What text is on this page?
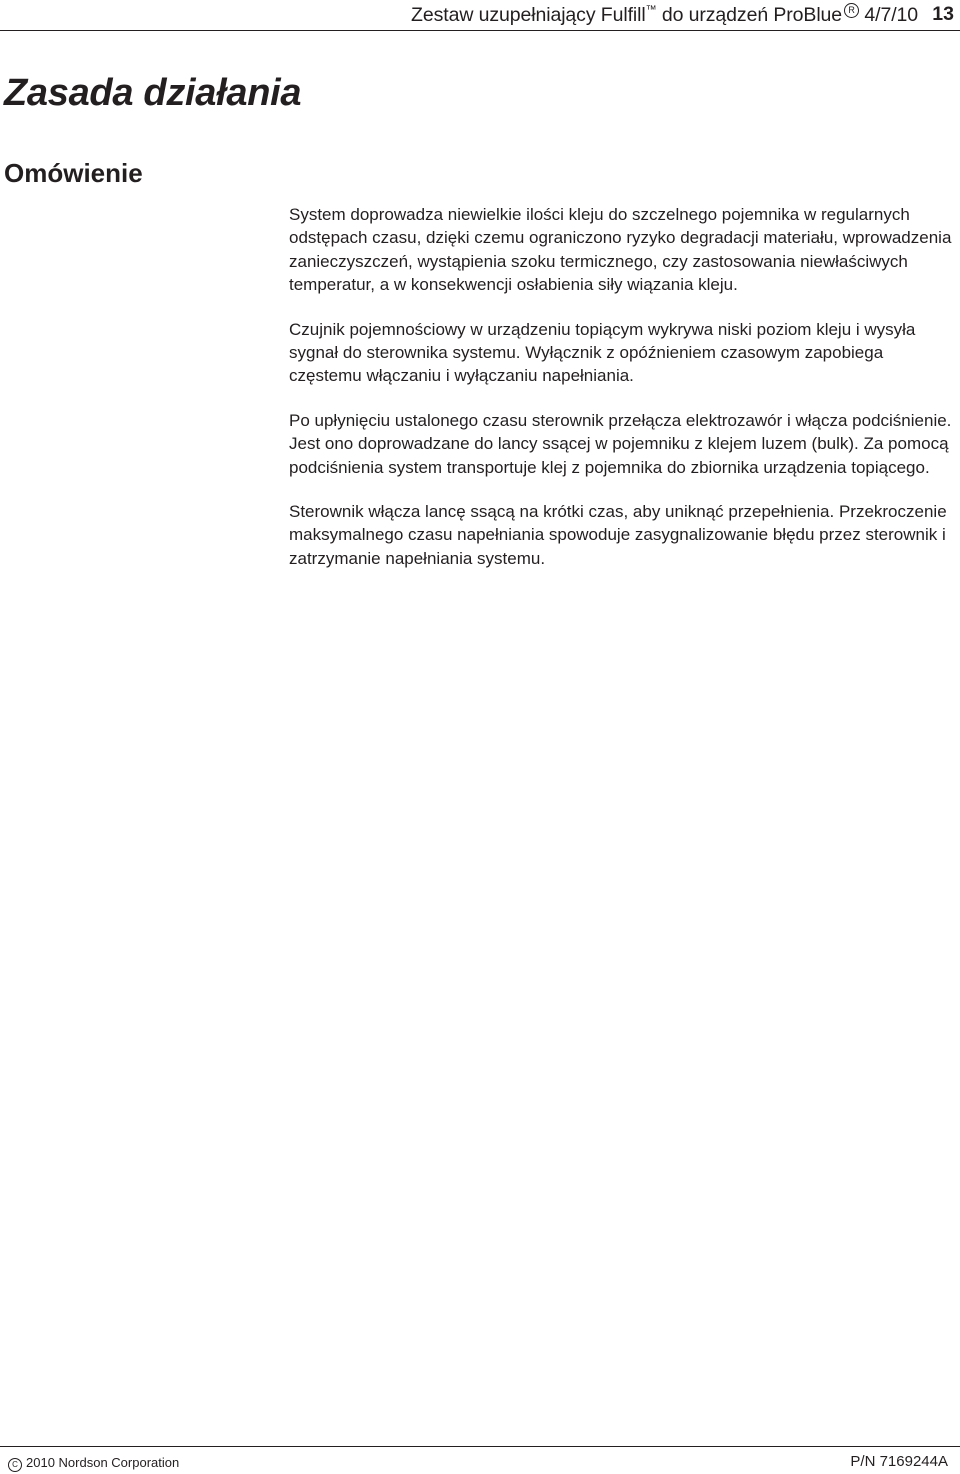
Zestaw uzupełniający Fulfill™ do urządzeń ProBlue R 4/7/10 13
Zasada działania
Omówienie

System doprowadza niewielkie ilości kleju do szczelnego pojemnika w regularnych odstępach czasu, dzięki czemu ograniczono ryzyko degradacji materiału, wprowadzenia zanieczyszczeń, wystąpienia szoku termicznego, czy zastosowania niewłaściwych temperatur, a w konsekwencji osłabienia siły wiązania kleju.

Czujnik pojemnościowy w urządzeniu topiącym wykrywa niski poziom kleju i wysyła sygnał do sterownika systemu. Wyłącznik z opóźnieniem czasowym zapobiega częstemu włączaniu i wyłączaniu napełniania.

Po upłynięciu ustalonego czasu sterownik przełącza elektrozawór i włącza podciśnienie. Jest ono doprowadzane do lancy ssącej w pojemniku z klejem luzem (bulk). Za pomocą podciśnienia system transportuje klej z pojemnika do zbiornika urządzenia topiącego.

Sterownik włącza lancę ssącą na krótki czas, aby uniknąć przepełnienia. Przekroczenie maksymalnego czasu napełniania spowoduje zasygnalizowanie błędu przez sterownik i zatrzymanie napełniania systemu.

C 2010 Nordson Corporation	P/N 7169244A
